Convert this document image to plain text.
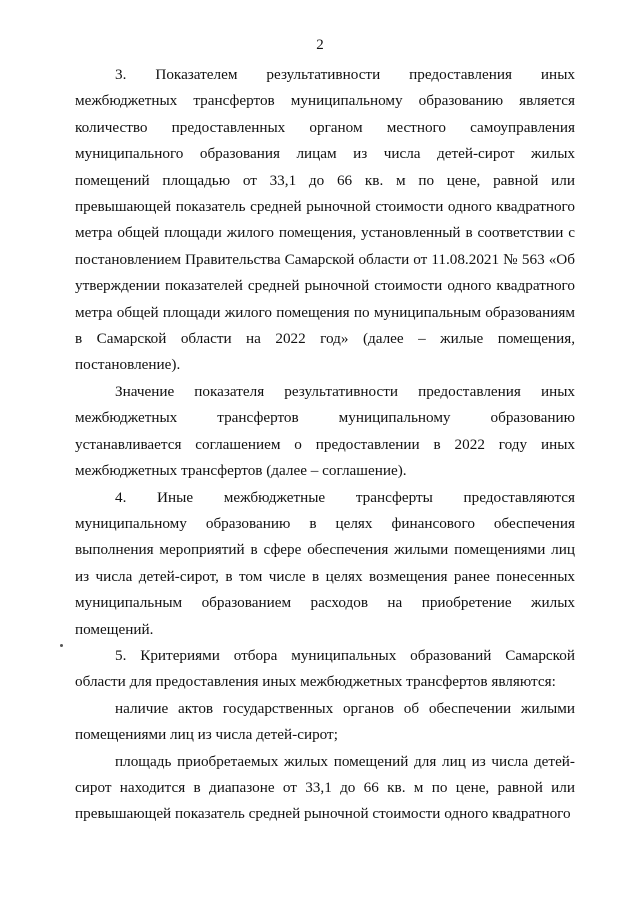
2

3. Показателем результативности предоставления иных межбюджетных трансфертов муниципальному образованию является количество предоставленных органом местного самоуправления муниципального образования лицам из числа детей-сирот жилых помещений площадью от 33,1 до 66 кв. м по цене, равной или превышающей показатель средней рыночной стоимости одного квадратного метра общей площади жилого помещения, установленный в соответствии с постановлением Правительства Самарской области от 11.08.2021 № 563 «Об утверждении показателей средней рыночной стоимости одного квадратного метра общей площади жилого помещения по муниципальным образованиям в Самарской области на 2022 год» (далее – жилые помещения, постановление).

Значение показателя результативности предоставления иных межбюджетных трансфертов муниципальному образованию устанавливается соглашением о предоставлении в 2022 году иных межбюджетных трансфертов (далее – соглашение).

4. Иные межбюджетные трансферты предоставляются муниципальному образованию в целях финансового обеспечения выполнения мероприятий в сфере обеспечения жилыми помещениями лиц из числа детей-сирот, в том числе в целях возмещения ранее понесенных муниципальным образованием расходов на приобретение жилых помещений.

5. Критериями отбора муниципальных образований Самарской области для предоставления иных межбюджетных трансфертов являются:

наличие актов государственных органов об обеспечении жилыми помещениями лиц из числа детей-сирот;

площадь приобретаемых жилых помещений для лиц из числа детей-сирот находится в диапазоне от 33,1 до 66 кв. м по цене, равной или превышающей показатель средней рыночной стоимости одного квадратного
